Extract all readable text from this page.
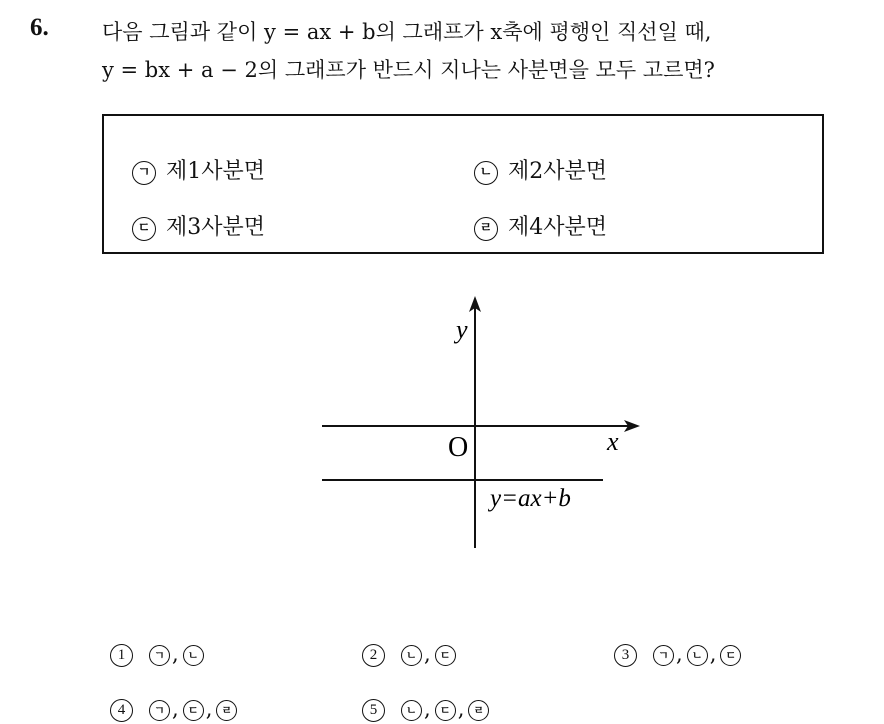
6.	다음 그림과 같이 y = ax + b의 그래프가 x축에 평행인 직선일 때,
y = bx + a − 2의 그래프가 반드시 지나는 사분면을 모두 고르면?
ㄱ 제1사분면	ㄴ 제2사분면
ㄷ 제3사분면	ㄹ 제4사분면
y
x
O
y=ax+b
1	ㄱ , ㄴ	2	ㄴ , ㄷ	3	ㄱ , ㄴ , ㄷ
4	ㄱ , ㄷ , ㄹ	5	ㄴ , ㄷ , ㄹ
